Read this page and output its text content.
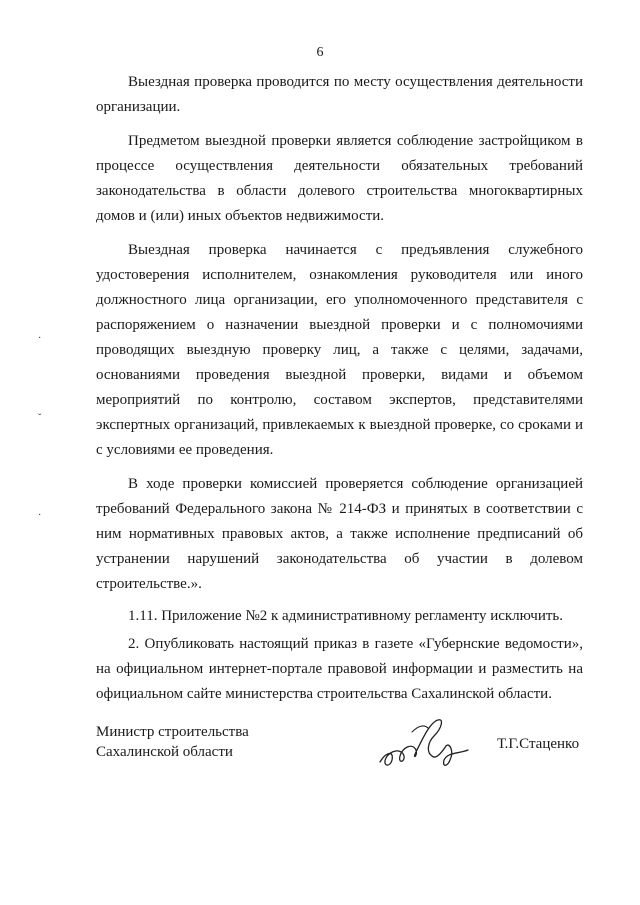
6

Выездная проверка проводится по месту осуществления деятельности организации.

Предметом выездной проверки является соблюдение застройщиком в процессе осуществления деятельности обязательных требований законодательства в области долевого строительства многоквартирных домов и (или) иных объектов недвижимости.

Выездная проверка начинается с предъявления служебного удостоверения исполнителем, ознакомления руководителя или иного должностного лица организации, его уполномоченного представителя с распоряжением о назначении выездной проверки и с полномочиями проводящих выездную проверку лиц, а также с целями, задачами, основаниями проведения выездной проверки, видами и объемом мероприятий по контролю, составом экспертов, представителями экспертных организаций, привлекаемых к выездной проверке, со сроками и с условиями ее проведения.

В ходе проверки комиссией проверяется соблюдение организацией требований Федерального закона № 214-ФЗ и принятых в соответствии с ним нормативных правовых актов, а также исполнение предписаний об устранении нарушений законодательства об участии в долевом строительстве.».

1.11. Приложение №2 к административному регламенту исключить.

2. Опубликовать настоящий приказ в газете «Губернские ведомости», на официальном интернет-портале правовой информации и разместить на официальном сайте министерства строительства Сахалинской области.

Министр строительства
Сахалинской области	Т.Г.Стаценко
·
ˇ
·
